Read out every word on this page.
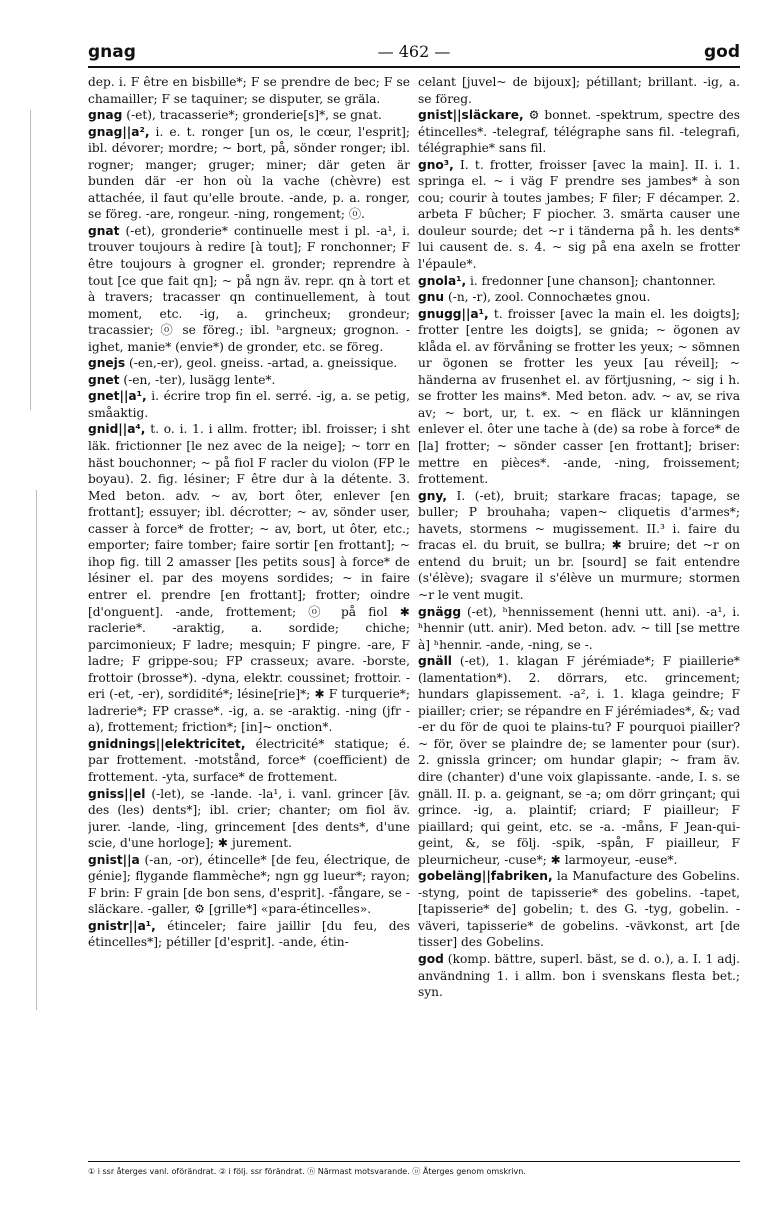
gnag	— 462 —	god

dep. i. F être en bisbille*; F se prendre de bec; F se chamailler; F se taquiner; se disputer, se gräla.

gnag (-et), tracasserie*; gronderie[s]*, se gnat.

gnag||a², i. e. t. ronger [un os, le cœur, l'esprit]; ibl. dévorer; mordre; ~ bort, på, sönder ronger; ibl. rogner; manger; gruger; miner; där geten är bunden där -er hon où la vache (chèvre) est attachée, il faut qu'elle broute. -ande, p. a. ronger, se föreg. -are, rongeur. -ning, rongement; ⓞ.

gnat (-et), gronderie* continuelle mest i pl. -a¹, i. trouver toujours à redire [à tout]; F ronchonner; F être toujours à grogner el. gronder; reprendre à tout [ce que fait qn]; ~ på ngn äv. repr. qn à tort et à travers; tracasser qn continuellement, à tout moment, etc. -ig, a. grincheux; grondeur; tracassier; ⓞ se föreg.; ibl. ʰargneux; grognon. -ighet, manie* (envie*) de gronder, etc. se föreg.

gnejs (-en,-er), geol. gneiss. -artad, a. gneissique.

gnet (-en, -ter), lusägg lente*.

gnet||a¹, i. écrire trop fin el. serré. -ig, a. se petig, småaktig.

gnid||a⁴, t. o. i. 1. i allm. frotter; ibl. froisser; i sht läk. frictionner [le nez avec de la neige]; ~ torr en häst bouchonner; ~ på fiol F racler du violon (FP le boyau). 2. fig. lésiner; F être dur à la détente. 3. Med beton. adv. ~ av, bort ôter, enlever [en frottant]; essuyer; ibl. décrotter; ~ av, sönder user, casser à force* de frotter; ~ av, bort, ut ôter, etc.; emporter; faire tomber; faire sortir [en frottant]; ~ ihop fig. till 2 amasser [les petits sous] à force* de lésiner el. par des moyens sordides; ~ in faire entrer el. prendre [en frottant]; frotter; oindre [d'onguent]. -ande, frottement; ⓞ på fiol ✱ raclerie*. -araktig, a. sordide; chiche; parcimonieux; F ladre; mesquin; F pingre. -are, F ladre; F grippe-sou; FP crasseux; avare. -borste, frottoir (brosse*). -dyna, elektr. coussinet; frottoir. -eri (-et, -er), sordidité*; lésine[rie]*; ✱ F turquerie*; ladrerie*; FP crasse*. -ig, a. se -araktig. -ning (jfr -a), frottement; friction*; [in]~ onction*.

gnidnings||elektricitet, électricité* statique; é. par frottement. -motstånd, force* (coefficient) de frottement. -yta, surface* de frottement.

gniss||el (-let), se -lande. -la¹, i. vanl. grincer [äv. des (les) dents*]; ibl. crier; chanter; om fiol äv. jurer. -lande, -ling, grincement [des dents*, d'une scie, d'une horloge]; ✱ jurement.

gnist||a (-an, -or), étincelle* [de feu, électrique, de génie]; flygande flammèche*; ngn gg lueur*; rayon; F brin: F grain [de bon sens, d'esprit]. -fångare, se -släckare. -galler, ⚙ [grille*] «para-étincelles».

gnistr||a¹, étinceler; faire jaillir [du feu, des étincelles*]; pétiller [d'esprit]. -ande, étin-

celant [juvel~ de bijoux]; pétillant; brillant. -ig, a. se föreg.

gnist||släckare, ⚙ bonnet. -spektrum, spectre des étincelles*. -telegraf, télégraphe sans fil. -telegrafi, télégraphie* sans fil.

gno³, I. t. frotter, froisser [avec la main]. II. i. 1. springa el. ~ i väg F prendre ses jambes* à son cou; courir à toutes jambes; F filer; F décamper. 2. arbeta F bûcher; F piocher. 3. smärta causer une douleur sourde; det ~r i tänderna på h. les dents* lui causent de. s. 4. ~ sig på ena axeln se frotter l'épaule*.

gnola¹, i. fredonner [une chanson]; chantonner.

gnu (-n, -r), zool. Connochætes gnou.

gnugg||a¹, t. froisser [avec la main el. les doigts]; frotter [entre les doigts], se gnida; ~ ögonen av klåda el. av förvåning se frotter les yeux; ~ sömnen ur ögonen se frotter les yeux [au réveil]; ~ händerna av frusenhet el. av förtjusning, ~ sig i h. se frotter les mains*. Med beton. adv. ~ av, se riva av; ~ bort, ur, t. ex. ~ en fläck ur klänningen enlever el. ôter une tache à (de) sa robe à force* de [la] frotter; ~ sönder casser [en frottant]; briser: mettre en pièces*. -ande, -ning, froissement; frottement.

gny, I. (-et), bruit; starkare fracas; tapage, se buller; P brouhaha; vapen~ cliquetis d'armes*; havets, stormens ~ mugissement. II.³ i. faire du fracas el. du bruit, se bullra; ✱ bruire; det ~r on entend du bruit; un br. [sourd] se fait entendre (s'élève); svagare il s'élève un murmure; stormen ~r le vent mugit.

gnägg (-et), ʰhennissement (henni utt. ani). -a¹, i. ʰhennir (utt. anir). Med beton. adv. ~ till [se mettre à] ʰhennir. -ande, -ning, se -.

gnäll (-et), 1. klagan F jérémiade*; F piaillerie* (lamentation*). 2. dörrars, etc. grincement; hundars glapissement. -a², i. 1. klaga geindre; F piailler; crier; se répandre en F jérémiades*, &; vad -er du för de quoi te plains-tu? F pourquoi piailler? ~ för, över se plaindre de; se lamenter pour (sur). 2. gnissla grincer; om hundar glapir; ~ fram äv. dire (chanter) d'une voix glapissante. -ande, I. s. se gnäll. II. p. a. geignant, se -a; om dörr grinçant; qui grince. -ig, a. plaintif; criard; F piailleur; F piaillard; qui geint, etc. se -a. -måns, F Jean-qui-geint, &, se följ. -spik, -spån, F piailleur, F pleurnicheur, -cuse*; ✱ larmoyeur, -euse*.

gobeläng||fabriken, la Manufacture des Gobelins. -styng, point de tapisserie* des gobelins. -tapet, [tapisserie* de] gobelin; t. des G. -tyg, gobelin. -väveri, tapisserie* de gobelins. -vävkonst, art [de tisser] des Gobelins.

god (komp. bättre, superl. bäst, se d. o.), a. I. 1 adj. användning 1. i allm. bon i svenskans flesta bet.; syn.

① i ssr återges vanl. oförändrat. ② i följ. ssr förändrat. ⓝ Närmast motsvarande. ⓞ Återges genom omskrivn.
